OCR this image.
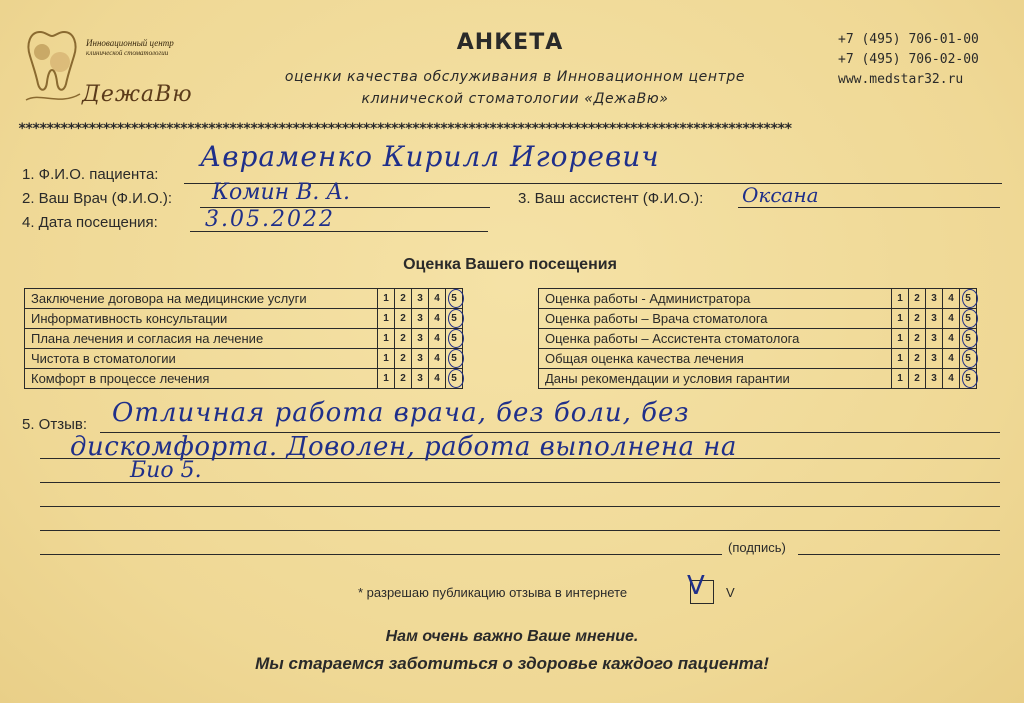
Инновационный центр
клинической стоматологии
ДежаВю
АНКЕТА
оценки качества обслуживания в Инновационном центре
клинической стоматологии «ДежаВю»
+7 (495) 706-01-00
+7 (495) 706-02-00
www.medstar32.ru
**************************************************************************************************************
1. Ф.И.О. пациента:
Авраменко Кирилл Игоревич
2. Ваш Врач (Ф.И.О.): Комин В. А.	3. Ваш ассистент (Ф.И.О.): Оксана
4. Дата посещения: 3.05.2022
Оценка Вашего посещения
Заключение договора на медицинские услуги	1	2	3	4	5

Информативность консультации	1	2	3	4	5

Плана лечения и согласия на лечение	1	2	3	4	5

Чистота в стоматологии	1	2	3	4	5

Комфорт в процессе лечения	1	2	3	4	5
Оценка работы - Администратора	1	2	3	4	5

Оценка работы – Врача стоматолога	1	2	3	4	5

Оценка работы – Ассистента стоматолога	1	2	3	4	5

Общая оценка качества лечения	1	2	3	4	5

Даны рекомендации и условия гарантии	1	2	3	4	5
5. Отзыв:
(подпись)
Отличная работа врача, без боли, без
дискомфорта. Доволен, работа выполнена на
Био 5.
* разрешаю публикацию отзыва в интернете V V
Нам очень важно Ваше мнение.
Мы стараемся заботиться о здоровье каждого пациента!
